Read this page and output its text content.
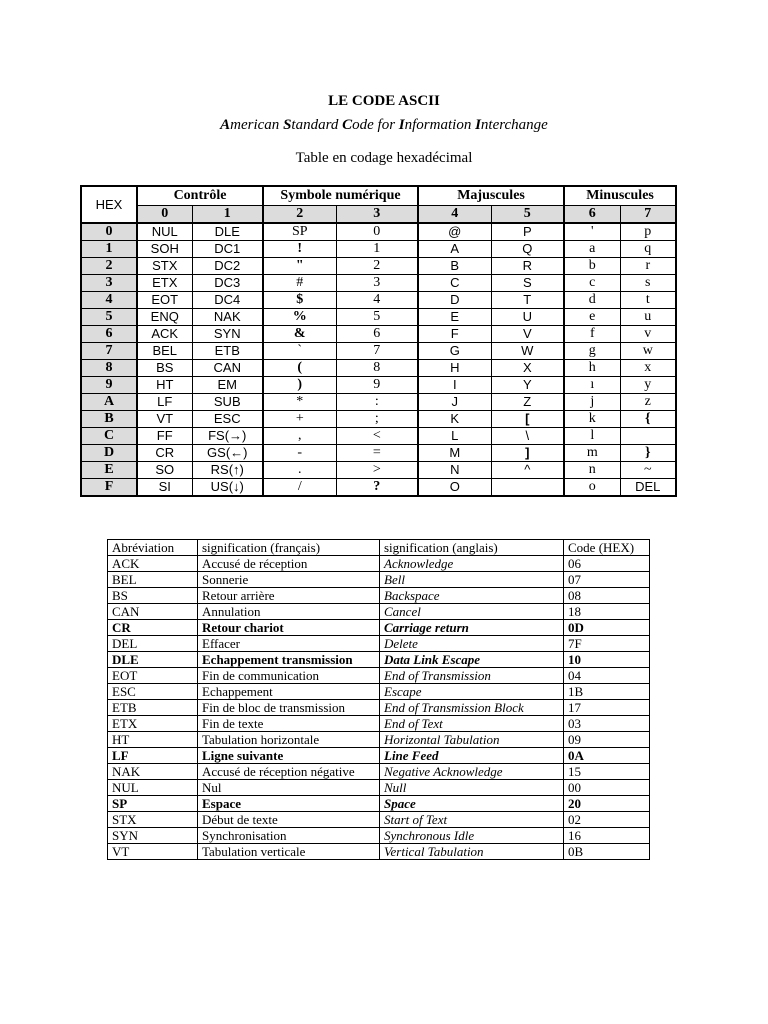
LE CODE ASCII
American Standard Code for Information Interchange
Table en codage hexadécimal
HEX	Contrôle		Symbole numérique		Majuscules		Minuscules	
	0	1	2	3	4	5	6	7
0	NUL	DLE	SP	0	@	P	'	p
1	SOH	DC1	!	1	A	Q	a	q
2	STX	DC2	"	2	B	R	b	r
3	ETX	DC3	#	3	C	S	c	s
4	EOT	DC4	$	4	D	T	d	t
5	ENQ	NAK	%	5	E	U	e	u
6	ACK	SYN	&	6	F	V	f	v
7	BEL	ETB	`	7	G	W	g	w
8	BS	CAN	(	8	H	X	h	x
9	HT	EM	)	9	I	Y	ı	y
A	LF	SUB	*	:	J	Z	j	z
B	VT	ESC	+	;	K	[	k	{
C	FF	FS(→)	,	<	L	\	l	
D	CR	GS(←)	-	=	M	]	m	}
E	SO	RS(↑)	.	>	N	^	n	~
F	SI	US(↓)	/	?	O		o	DEL
Abréviation	signification (français)	signification (anglais)	Code (HEX)
ACK	Accusé de réception	Acknowledge	06
BEL	Sonnerie	Bell	07
BS	Retour arrière	Backspace	08
CAN	Annulation	Cancel	18
CR	Retour chariot	Carriage return	0D
DEL	Effacer	Delete	7F
DLE	Echappement transmission	Data Link Escape	10
EOT	Fin de communication	End of Transmission	04
ESC	Echappement	Escape	1B
ETB	Fin de bloc de transmission	End of Transmission Block	17
ETX	Fin de texte	End of Text	03
HT	Tabulation horizontale	Horizontal Tabulation	09
LF	Ligne suivante	Line Feed	0A
NAK	Accusé de réception négative	Negative Acknowledge	15
NUL	Nul	Null	00
SP	Espace	Space	20
STX	Début de texte	Start of Text	02
SYN	Synchronisation	Synchronous Idle	16
VT	Tabulation verticale	Vertical Tabulation	0B
